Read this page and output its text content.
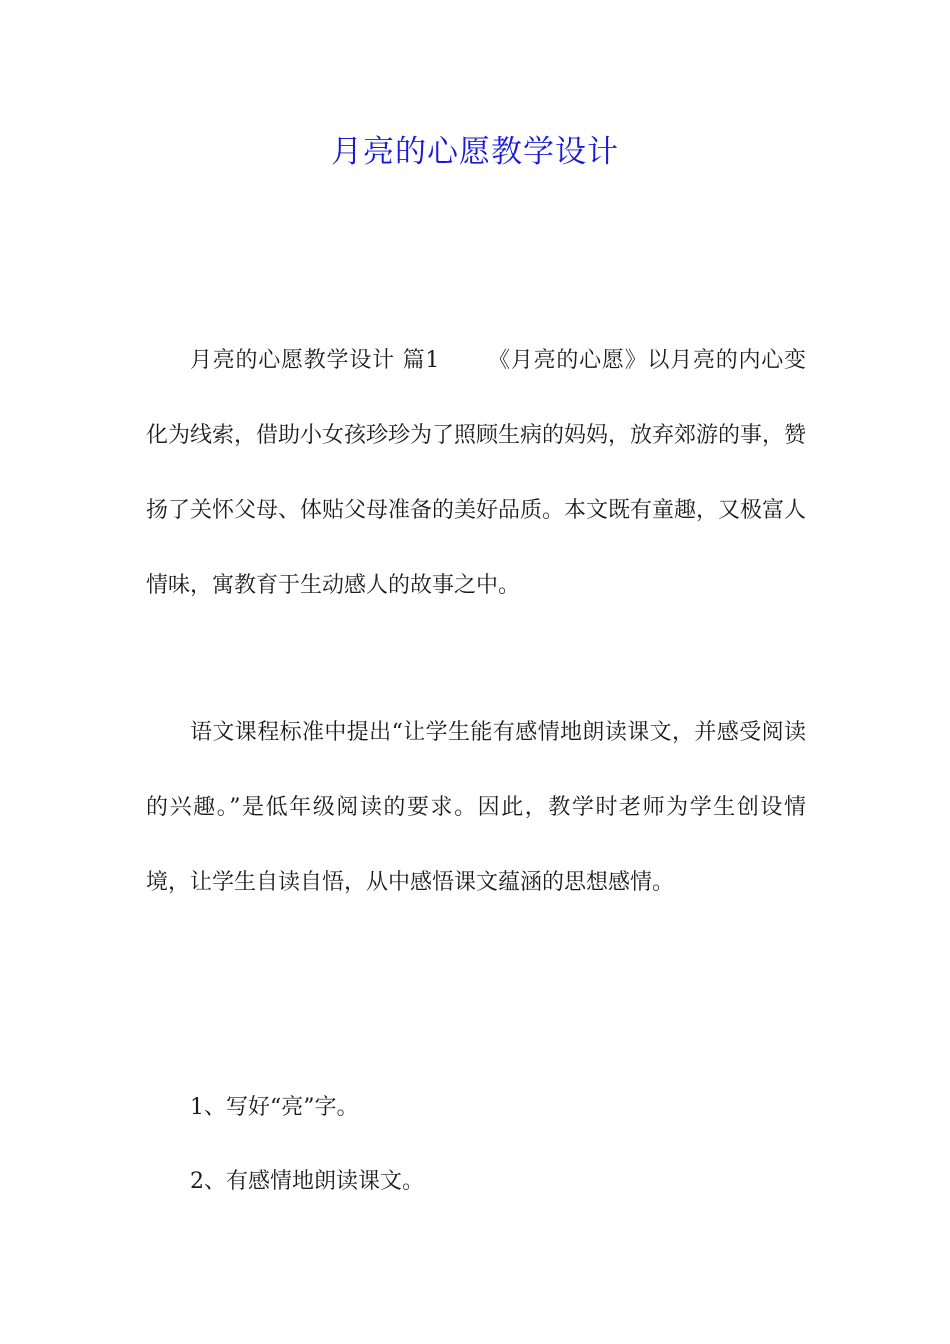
月亮的心愿教学设计

月亮的心愿教学设计 篇1 《月亮的心愿》以月亮的内心变化为线索，借助小女孩珍珍为了照顾生病的妈妈，放弃郊游的事，赞扬了关怀父母、体贴父母准备的美好品质。本文既有童趣，又极富人情味，寓教育于生动感人的故事之中。

语文课程标准中提出“让学生能有感情地朗读课文，并感受阅读的兴趣。”是低年级阅读的要求。因此，教学时老师为学生创设情境，让学生自读自悟，从中感悟课文蕴涵的思想感情。

1、写好“亮”字。

2、有感情地朗读课文。
